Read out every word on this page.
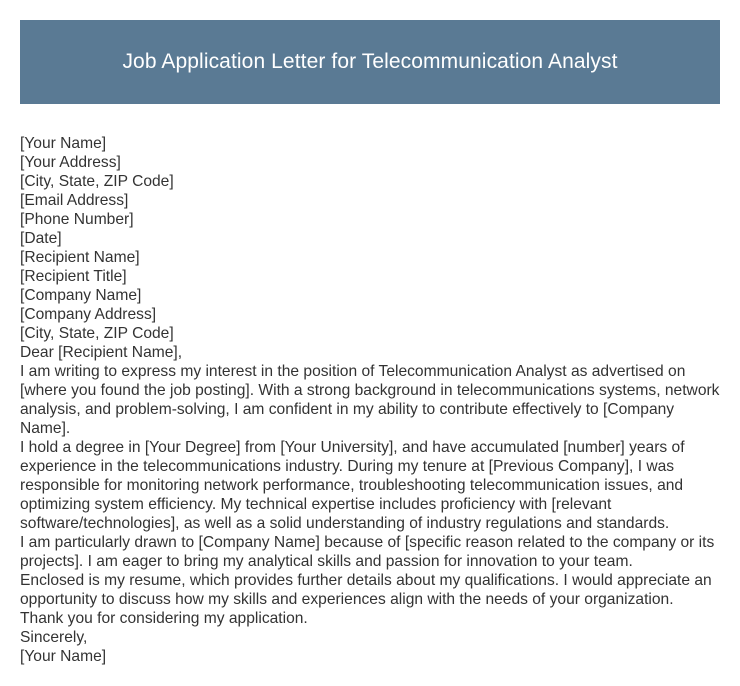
Job Application Letter for Telecommunication Analyst

[Your Name]

[Your Address]

[City, State, ZIP Code]

[Email Address]

[Phone Number]

[Date]

[Recipient Name]

[Recipient Title]

[Company Name]

[Company Address]

[City, State, ZIP Code]

Dear [Recipient Name],

I am writing to express my interest in the position of Telecommunication Analyst as advertised on [where you found the job posting]. With a strong background in telecommunications systems, network analysis, and problem-solving, I am confident in my ability to contribute effectively to [Company Name].

I hold a degree in [Your Degree] from [Your University], and have accumulated [number] years of experience in the telecommunications industry. During my tenure at [Previous Company], I was responsible for monitoring network performance, troubleshooting telecommunication issues, and optimizing system efficiency. My technical expertise includes proficiency with [relevant software/technologies], as well as a solid understanding of industry regulations and standards.

I am particularly drawn to [Company Name] because of [specific reason related to the company or its projects]. I am eager to bring my analytical skills and passion for innovation to your team.

Enclosed is my resume, which provides further details about my qualifications. I would appreciate an opportunity to discuss how my skills and experiences align with the needs of your organization.

Thank you for considering my application.

Sincerely,

[Your Name]
